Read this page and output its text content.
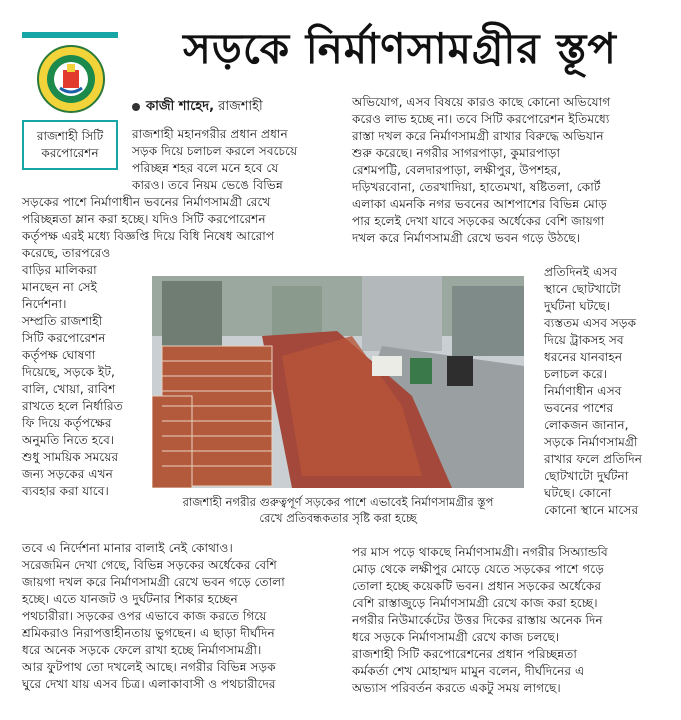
সড়কে নির্মাণসামগ্রীর স্তূপ
রাজশাহী সিটি
করপোরেশন
কাজী শাহেদ, রাজশাহী
রাজশাহী মহানগরীর প্রধান প্রধান
সড়ক দিয়ে চলাচল করলে সবচেয়ে
পরিচ্ছন্ন শহর বলে মনে হবে যে
কারও। তবে নিয়ম ভেঙে বিভিন্ন
সড়কের পাশে নির্মাণাধীন ভবনের নির্মাণসামগ্রী রেখে
পরিচ্ছন্নতা ম্লান করা হচ্ছে। যদিও সিটি করপোরেশন
কর্তৃপক্ষ এরই মধ্যে বিজ্ঞপ্তি দিয়ে বিধি নিষেধ আরোপ
করেছে, তারপরেও
বাড়ির মালিকরা
মানছেন না সেই
নির্দেশনা।
সম্প্রতি রাজশাহী
সিটি করপোরেশন
কর্তৃপক্ষ ঘোষণা
দিয়েছে, সড়কে ইট,
বালি, খোয়া, রাবিশ
রাখতে হলে নির্ধারিত
ফি দিয়ে কর্তৃপক্ষের
অনুমতি নিতে হবে।
শুধু সাময়িক সময়ের
জন্য সড়কের এখন
ব্যবহার করা যাবে।
তবে এ নির্দেশনা মানার বালাই নেই কোথাও।
সরেজমিন দেখা গেছে, বিভিন্ন সড়কের অর্ধেকের বেশি
জায়গা দখল করে নির্মাণসামগ্রী রেখে ভবন গড়ে তোলা
হচ্ছে। এতে যানজট ও দুর্ঘটনার শিকার হচ্ছেন
পথচারীরা। সড়কের ওপর এভাবে কাজ করতে গিয়ে
শ্রমিকরাও নিরাপত্তাহীনতায় ভুগছেন। এ ছাড়া দীর্ঘদিন
ধরে অনেক সড়কে ফেলে রাখা হচ্ছে নির্মাণসামগ্রী।
আর ফুটপাথ তো দখলেই আছে। নগরীর বিভিন্ন সড়ক
ঘুরে দেখা যায় এসব চিত্র। এলাকাবাসী ও পথচারীদের
অভিযোগ, এসব বিষয়ে কারও কাছে কোনো অভিযোগ
করেও লাভ হচ্ছে না। তবে সিটি করপোরেশন ইতিমধ্যে
রাস্তা দখল করে নির্মাণসামগ্রী রাখার বিরুদ্ধে অভিযান
শুরু করেছে। নগরীর সাগরপাড়া, কুমারপাড়া
রেশমপট্টি, বেলদারপাড়া, লক্ষীপুর, উপশহর,
দড়িখরবোনা, তেরখাদিয়া, হাতেমখা, ষষ্টিতলা, কোর্ট
এলাকা এমনকি নগর ভবনের আশপাশের বিভিন্ন মোড়
পার হলেই দেখা যাবে সড়কের অর্ধেকের বেশি জায়গা
দখল করে নির্মাণসামগ্রী রেখে ভবন গড়ে উঠছে।
প্রতিদিনই এসব
স্থানে ছোটখাটো
দুর্ঘটনা ঘটছে।
ব্যস্ততম এসব সড়ক
দিয়ে ট্রাকসহ সব
ধরনের যানবাহন
চলাচল করে।
নির্মাণাধীন এসব
ভবনের পাশের
লোকজন জানান,
সড়কে নির্মাণসামগ্রী
রাখার ফলে প্রতিদিন
ছোটখাটো দুর্ঘটনা
ঘটছে। কোনো
কোনো স্থানে মাসের
পর মাস পড়ে থাকছে নির্মাণসামগ্রী। নগরীর সিঅ্যান্ডবি
মোড় থেকে লক্ষীপুর মোড়ে যেতে সড়কের পাশে গড়ে
তোলা হচ্ছে কয়েকটি ভবন। প্রধান সড়কের অর্ধেকের
বেশি রাস্তাজুড়ে নির্মাণসামগ্রী রেখে কাজ করা হচ্ছে।
নগরীর নিউমার্কেটের উত্তর দিকের রাস্তায় অনেক দিন
ধরে সড়কে নির্মাণসামগ্রী রেখে কাজ চলছে।
রাজশাহী সিটি করপোরেশনের প্রধান পরিচ্ছন্নতা
কর্মকর্তা শেখ মোহাম্মদ মামুন বলেন, দীর্ঘদিনের এ
অভ্যাস পরিবর্তন করতে একটু সময় লাগছে।
রাজশাহী নগরীর গুরুত্বপূর্ণ সড়কের পাশে এভাবেই নির্মাণসামগ্রীর স্তূপ
রেখে প্রতিবন্ধকতার সৃষ্টি করা হচ্ছে
